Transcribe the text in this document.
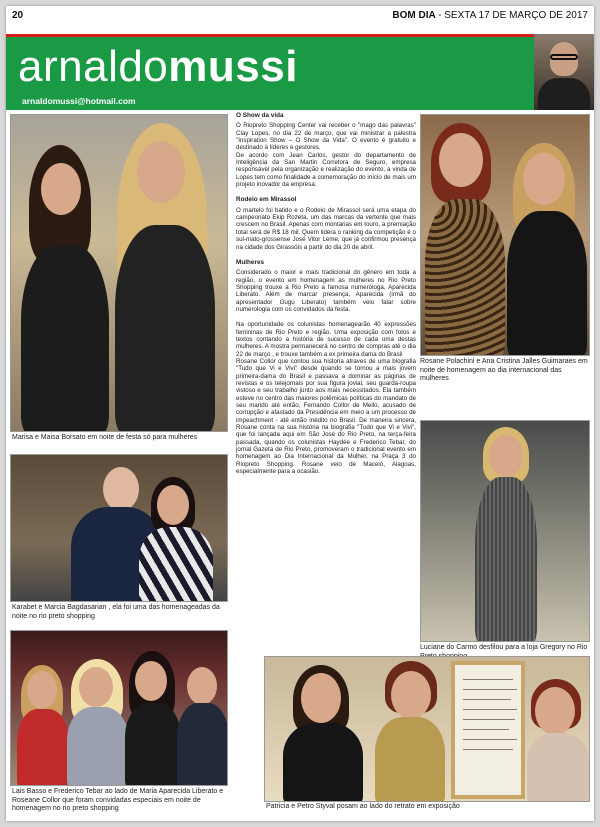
20	BOM DIA - SEXTA 17 DE MARÇO DE 2017
arnaldomussi
arnaldomussi@hotmail.com
Marisa e Maisa Borsato em noite de festa só para mulheres
Karabet e Marcia Bagdasarian , ela foi uma das homenageadas da noite no rio preto shopping
Lais Basso e Frederico Tebar ao lado de Maria Aparecida Liberato e Roseane Collor que foram convidadas especiais em noite de homenagem no rio preto shopping
O Show da vida

O Riopreto Shopping Center vai receber o "mago das palavras" Clay Lopes, no dia 22 de março, que vai ministrar a palestra "Inspiration Show – O Show da Vida". O evento é gratuito e destinado à líderes e gestores.

De acordo com Jean Carlos, gestor do departamento de Inteligência da San Martin Corretora de Seguro, empresa responsável pela organização e realização do evento, a vinda de Lopes tem como finalidade a comemoração do início de mais um projeto inovador da empresa.

Rodeio em Mirassol

O martelo foi batido e o Rodeio de Mirassol será uma etapa do campeonato Ekip Rozeta, um das marcas da vertente que mais crescem no Brasil. Apenas com montarias em touro, a premiação total será de R$ 18 mil. Quem lidera o ranking da competição é o sul-mato-grossense José Vitor Leme, que já confirmou presença na cidade dos Girassóis a partir do dia 20 de abril.

Mulheres

Considerado o maior e mais tradicional do gênero em toda a região, o evento em homenagem as mulheres no Rio Preto Shopping trouxe a Rio Preto a famosa numeróloga, Aparecida Liberato. Além de marcar presença, Aparecida (irmã do apresentador Gugu Liberato) também veio falar sobre numerologia com os convidados da festa.

Na oportunidade os colunistas homenagearão 40 expressões femininas de Rio Preto e região. Uma exposição com fotos e textos contando a história de sucesso de cada uma destas mulheres. A mostra permanecerá no centro de compras até o dia 22 de março , e trouxe também a ex primeira dama do Brasil

Rosane Collor que contou sua historia atraves de uma biografia "Tudo que Vi e Vivi" desde quando se tornou a mais jovem primeira-dama do Brasil e passava a dominar as páginas de revistas e os telejornais por sua figura jovial, seu guarda-roupa vistoso e seu trabalho junto aos mais necessitados. Ela também esteve no centro das maiores polêmicas políticas do mandato de seu marido até então, Fernando Collor de Mello, acusado de corrupção e afastado da Presidência em meio a um processo de impeachment - até então inédito no Brasil. De maneira sincera, Rosane conta na sua história na biografia "Tudo que Vi e Vivi", que foi lançada aqui em São José do Rio Preto, na terça-feira passada, quando os colunistas Haydée e Frederico Tebar, do jornal Gazeta de Rio Preto, promoveram o tradicional evento em homenagem ao Dia Internacional da Mulher, na Praça 3 do Riopreto Shopping. Rosane veio de Maceió, Alagoas, especialmente para a ocasião.

Rosane Polachini e Ana Cristina Jalles Guimaraes em noite de homenagem ao dia internacional das mulheres
Luciane do Carmo desfilou para a loja Gregory no Rio
Patricia e Petro Styval posam ao lado do retrato em exposição
